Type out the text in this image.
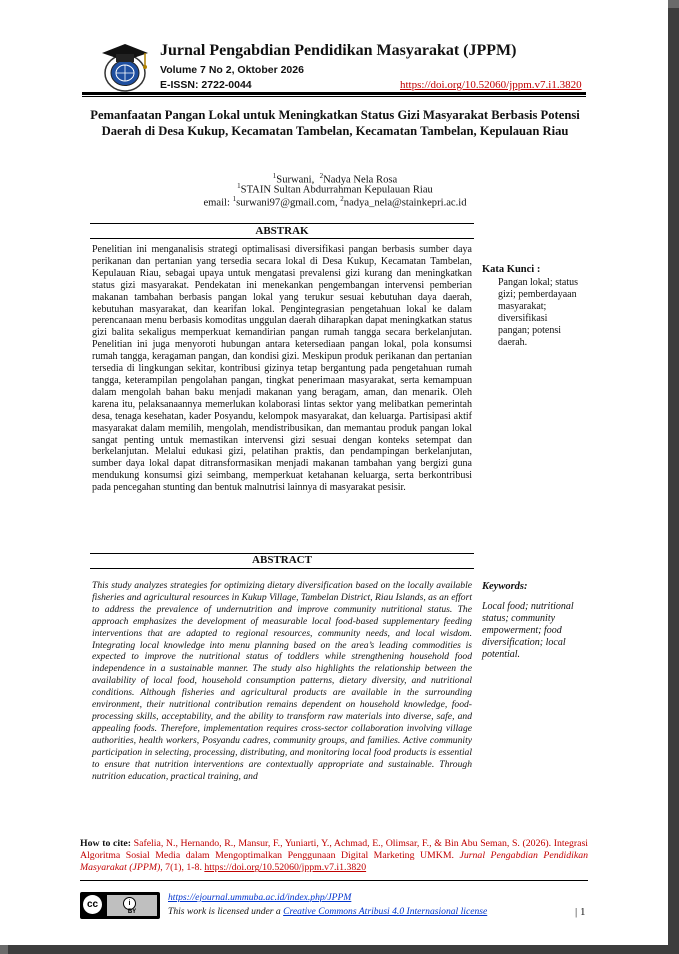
Jurnal Pengabdian Pendidikan Masyarakat (JPPM)
Volume 7 No 2, Oktober 2026
E-ISSN: 2722-0044	https://doi.org/10.52060/jppm.v7.i1.3820
Pemanfaatan Pangan Lokal untuk Meningkatkan Status Gizi Masyarakat Berbasis Potensi Daerah di Desa Kukup, Kecamatan Tambelan, Kecamatan Tambelan, Kepulauan Riau
$^1$Surwani, $^2$Nadya Nela Rosa
$^1$STAIN Sultan Abdurrahman Kepulauan Riau
email: $^1$surwani97@gmail.com, $^2$nadya_nela@stainkepri.ac.id
ABSTRAK
Penelitian ini menganalisis strategi optimalisasi diversifikasi pangan berbasis sumber daya perikanan dan pertanian yang tersedia secara lokal di Desa Kukup, Kecamatan Tambelan, Kepulauan Riau, sebagai upaya untuk mengatasi prevalensi gizi kurang dan meningkatkan status gizi masyarakat. Pendekatan ini menekankan pengembangan intervensi pemberian makanan tambahan berbasis pangan lokal yang terukur sesuai kebutuhan daya daerah, kebutuhan masyarakat, dan kearifan lokal. Pengintegrasian pengetahuan lokal ke dalam perencanaan menu berbasis komoditas unggulan daerah diharapkan dapat meningkatkan status gizi balita sekaligus memperkuat kemandirian pangan rumah tangga secara berkelanjutan. Penelitian ini juga menyoroti hubungan antara ketersediaan pangan lokal, pola konsumsi rumah tangga, keragaman pangan, dan kondisi gizi. Meskipun produk perikanan dan pertanian tersedia di lingkungan sekitar, kontribusi gizinya tetap bergantung pada pengetahuan rumah tangga, keterampilan pengolahan pangan, tingkat penerimaan masyarakat, serta kemampuan dalam mengolah bahan baku menjadi makanan yang beragam, aman, dan menarik. Oleh karena itu, pelaksanaannya memerlukan kolaborasi lintas sektor yang melibatkan pemerintah desa, tenaga kesehatan, kader Posyandu, kelompok masyarakat, dan keluarga. Partisipasi aktif masyarakat dalam memilih, mengolah, mendistribusikan, dan memantau produk pangan lokal sangat penting untuk memastikan intervensi gizi sesuai dengan konteks setempat dan berkelanjutan. Melalui edukasi gizi, pelatihan praktis, dan pendampingan berkelanjutan, sumber daya lokal dapat ditransformasikan menjadi makanan tambahan yang bergizi guna mendukung konsumsi gizi seimbang, memperkuat ketahanan keluarga, serta berkontribusi pada pencegahan stunting dan bentuk malnutrisi lainnya di masyarakat pesisir.
Kata Kunci :
Pangan lokal; status gizi; pemberdayaan masyarakat; diversifikasi pangan; potensi daerah.
ABSTRACT
This study analyzes strategies for optimizing dietary diversification based on the locally available fisheries and agricultural resources in Kukup Village, Tambelan District, Riau Islands, as an effort to address the prevalence of undernutrition and improve community nutritional status. The approach emphasizes the development of measurable local food-based supplementary feeding interventions that are adapted to regional resources, community needs, and local wisdom. Integrating local knowledge into menu planning based on the area’s leading commodities is expected to improve the nutritional status of toddlers while strengthening household food independence in a sustainable manner. The study also highlights the relationship between the availability of local food, household consumption patterns, dietary diversity, and nutritional conditions. Although fisheries and agricultural products are available in the surrounding environment, their nutritional contribution remains dependent on household knowledge, food-processing skills, acceptability, and the ability to transform raw materials into diverse, safe, and appealing foods. Therefore, implementation requires cross-sector collaboration involving village authorities, health workers, Posyandu cadres, community groups, and families. Active community participation in selecting, processing, distributing, and monitoring local food products is essential to ensure that nutrition interventions are contextually appropriate and sustainable. Through nutrition education, practical training, and
Keywords:
Local food; nutritional status; community empowerment; food diversification; local potential.
How to cite: Safelia, N., Hernando, R., Mansur, F., Yuniarti, Y., Achmad, E., Olimsar, F., & Bin Abu Seman, S. (2026). Integrasi Algoritma Sosial Media dalam Mengoptimalkan Penggunaan Digital Marketing UMKM. Jurnal Pengabdian Pendidikan Masyarakat (JPPM), 7(1), 1-8. https://doi.org/10.52060/jppm.v7.i1.3820
cc	i
BY
https://ejournal.ummuba.ac.id/index.php/JPPM
This work is licensed under a Creative Commons Atribusi 4.0 Internasional license	| 1
